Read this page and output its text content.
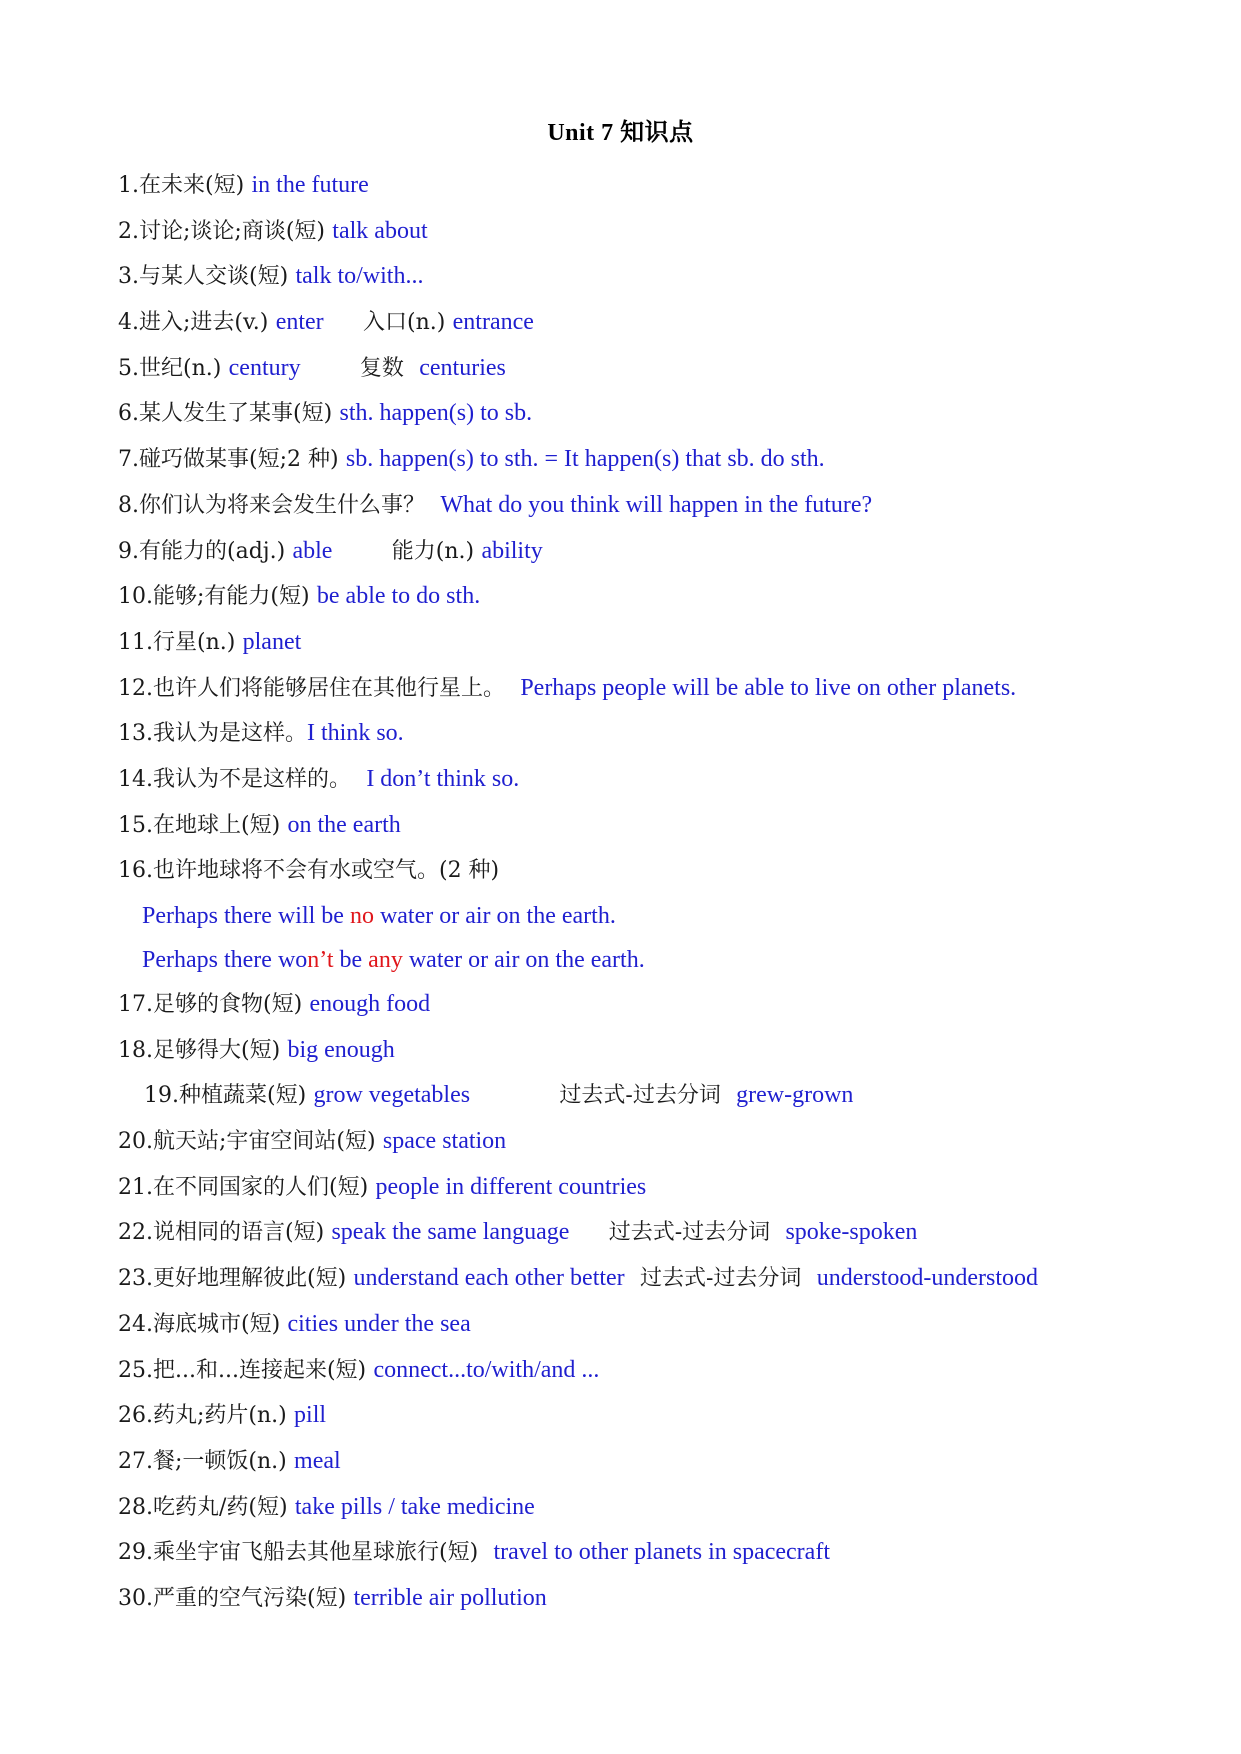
Unit 7 知识点
1.在未来(短) in the future
2.讨论;谈论;商谈(短) talk about
3.与某人交谈(短) talk to/with...
4.进入;进去(v.) enter 入口(n.) entrance
5.世纪(n.) century	复数 centuries
6.某人发生了某事(短) sth. happen(s) to sb.
7.碰巧做某事(短;2 种) sb. happen(s) to sth. = It happen(s) that sb. do sth.
8.你们认为将来会发生什么事？ What do you think will happen in the future?
9.有能力的(adj.) able	能力(n.) ability
10.能够;有能力(短) be able to do sth.
11.行星(n.) planet
12.也许人们将能够居住在其他行星上。 Perhaps people will be able to live on other planets.
13.我认为是这样。I think so.
14.我认为不是这样的。 I don’t think so.
15.在地球上(短) on the earth
16.也许地球将不会有水或空气。(2 种)
Perhaps there will be no water or air on the earth.
Perhaps there won’t be any water or air on the earth.
17.足够的食物(短) enough food
18.足够得大(短) big enough
19.种植蔬菜(短) grow vegetables	过去式-过去分词 grew-grown
20.航天站;宇宙空间站(短) space station
21.在不同国家的人们(短) people in different countries
22.说相同的语言(短) speak the same language 过去式-过去分词 spoke-spoken
23.更好地理解彼此(短) understand each other better 过去式-过去分词 understood-understood
24.海底城市(短) cities under the sea
25.把...和...连接起来(短) connect...to/with/and ...
26.药丸;药片(n.) pill
27.餐;一顿饭(n.) meal
28.吃药丸/药(短) take pills / take medicine
29.乘坐宇宙飞船去其他星球旅行(短) travel to other planets in spacecraft
30.严重的空气污染(短) terrible air pollution
